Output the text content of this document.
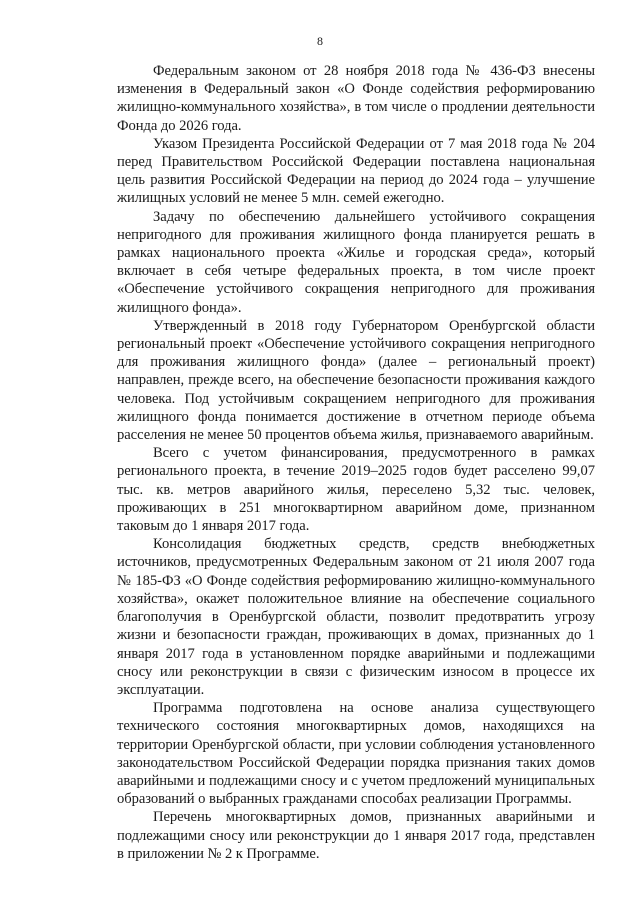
8

Федеральным законом от 28 ноября 2018 года № 436-ФЗ внесены изменения в Федеральный закон «О Фонде содействия реформированию жилищно-коммунального хозяйства», в том числе о продлении деятельности Фонда до 2026 года.

Указом Президента Российской Федерации от 7 мая 2018 года № 204 перед Правительством Российской Федерации поставлена национальная цель развития Российской Федерации на период до 2024 года – улучшение жилищных условий не менее 5 млн. семей ежегодно.

Задачу по обеспечению дальнейшего устойчивого сокращения непригодного для проживания жилищного фонда планируется решать в рамках национального проекта «Жилье и городская среда», который включает в себя четыре федеральных проекта, в том числе проект «Обеспечение устойчивого сокращения непригодного для проживания жилищного фонда».

Утвержденный в 2018 году Губернатором Оренбургской области региональный проект «Обеспечение устойчивого сокращения непригодного для проживания жилищного фонда» (далее – региональный проект) направлен, прежде всего, на обеспечение безопасности проживания каждого человека. Под устойчивым сокращением непригодного для проживания жилищного фонда понимается достижение в отчетном периоде объема расселения не менее 50 процентов объема жилья, признаваемого аварийным.

Всего с учетом финансирования, предусмотренного в рамках регионального проекта, в течение 2019–2025 годов будет расселено 99,07 тыс. кв. метров аварийного жилья, переселено 5,32 тыс. человек, проживающих в 251 многоквартирном аварийном доме, признанном таковым до 1 января 2017 года.

Консолидация бюджетных средств, средств внебюджетных источников, предусмотренных Федеральным законом от 21 июля 2007 года № 185-ФЗ «О Фонде содействия реформированию жилищно-коммунального хозяйства», окажет положительное влияние на обеспечение социального благополучия в Оренбургской области, позволит предотвратить угрозу жизни и безопасности граждан, проживающих в домах, признанных до 1 января 2017 года в установленном порядке аварийными и подлежащими сносу или реконструкции в связи с физическим износом в процессе их эксплуатации.

Программа подготовлена на основе анализа существующего технического состояния многоквартирных домов, находящихся на территории Оренбургской области, при условии соблюдения установленного законодательством Российской Федерации порядка признания таких домов аварийными и подлежащими сносу и с учетом предложений муниципальных образований о выбранных гражданами способах реализации Программы.

Перечень многоквартирных домов, признанных аварийными и подлежащими сносу или реконструкции до 1 января 2017 года, представлен в приложении № 2 к Программе.
